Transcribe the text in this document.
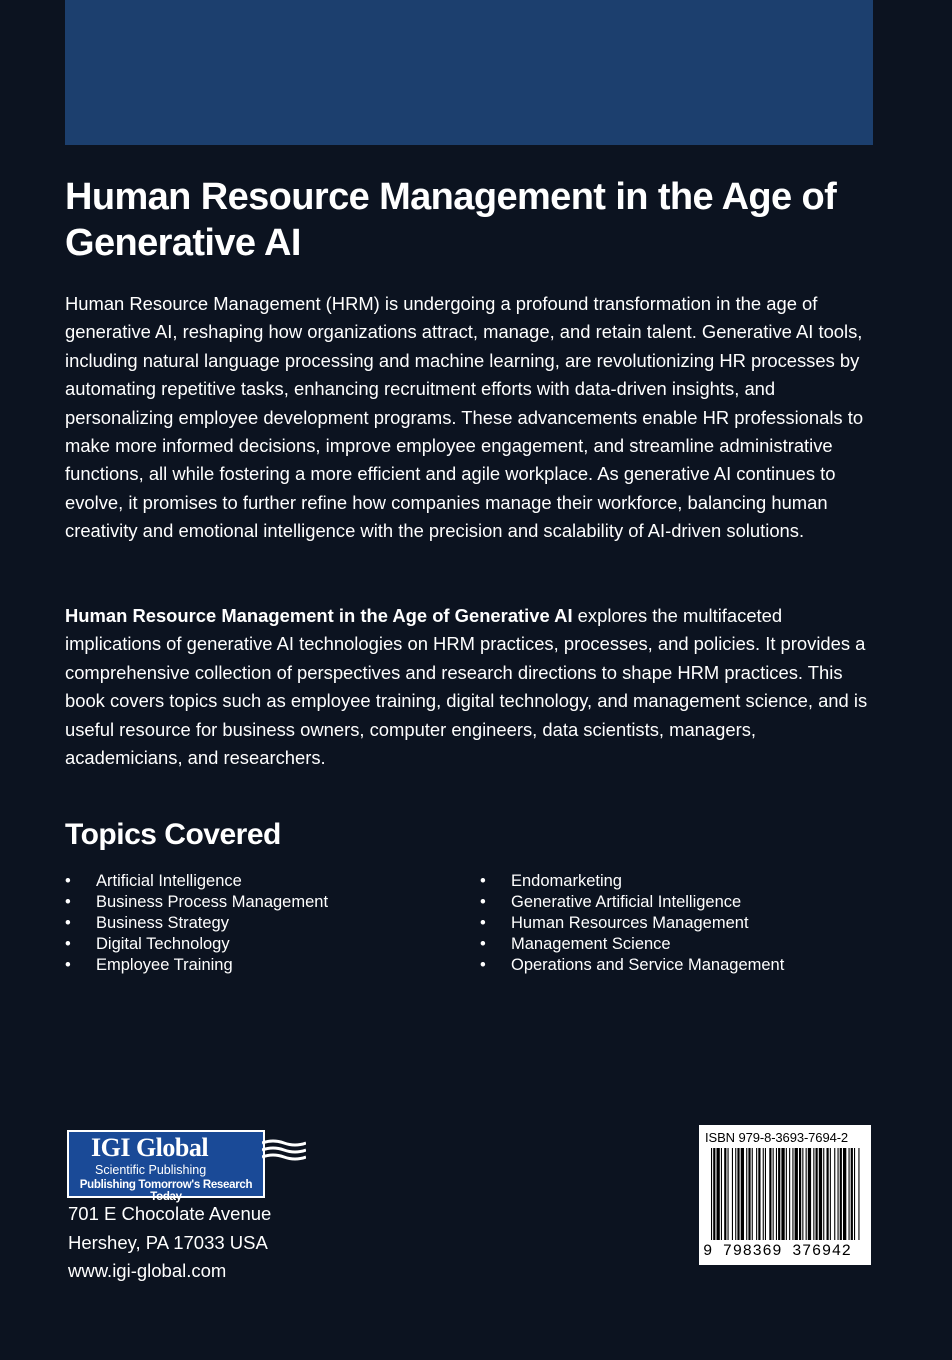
Human Resource Management in the Age of Generative AI

Human Resource Management (HRM) is undergoing a profound transformation in the age of generative AI, reshaping how organizations attract, manage, and retain talent. Generative AI tools, including natural language processing and machine learning, are revolutionizing HR processes by automating repetitive tasks, enhancing recruitment efforts with data-driven insights, and personalizing employee development programs. These advancements enable HR professionals to make more informed decisions, improve employee engagement, and streamline administrative functions, all while fostering a more efficient and agile workplace. As generative AI continues to evolve, it promises to further refine how companies manage their workforce, balancing human creativity and emotional intelligence with the precision and scalability of AI-driven solutions.

Human Resource Management in the Age of Generative AI explores the multifaceted implications of generative AI technologies on HRM practices, processes, and policies. It provides a comprehensive collection of perspectives and research directions to shape HRM practices. This book covers topics such as employee training, digital technology, and management science, and is useful resource for business owners, computer engineers, data scientists, managers, academicians, and researchers.

Topics Covered
• Artificial Intelligence
• Business Process Management
• Business Strategy
• Digital Technology
• Employee Training
• Endomarketing
• Generative Artificial Intelligence
• Human Resources Management
• Management Science
• Operations and Service Management
IGI Global
Scientific Publishing
Publishing Tomorrow's Research Today
701 E Chocolate Avenue
Hershey, PA 17033 USA
www.igi-global.com
ISBN 979-8-3693-7694-2
9 798369 376942
